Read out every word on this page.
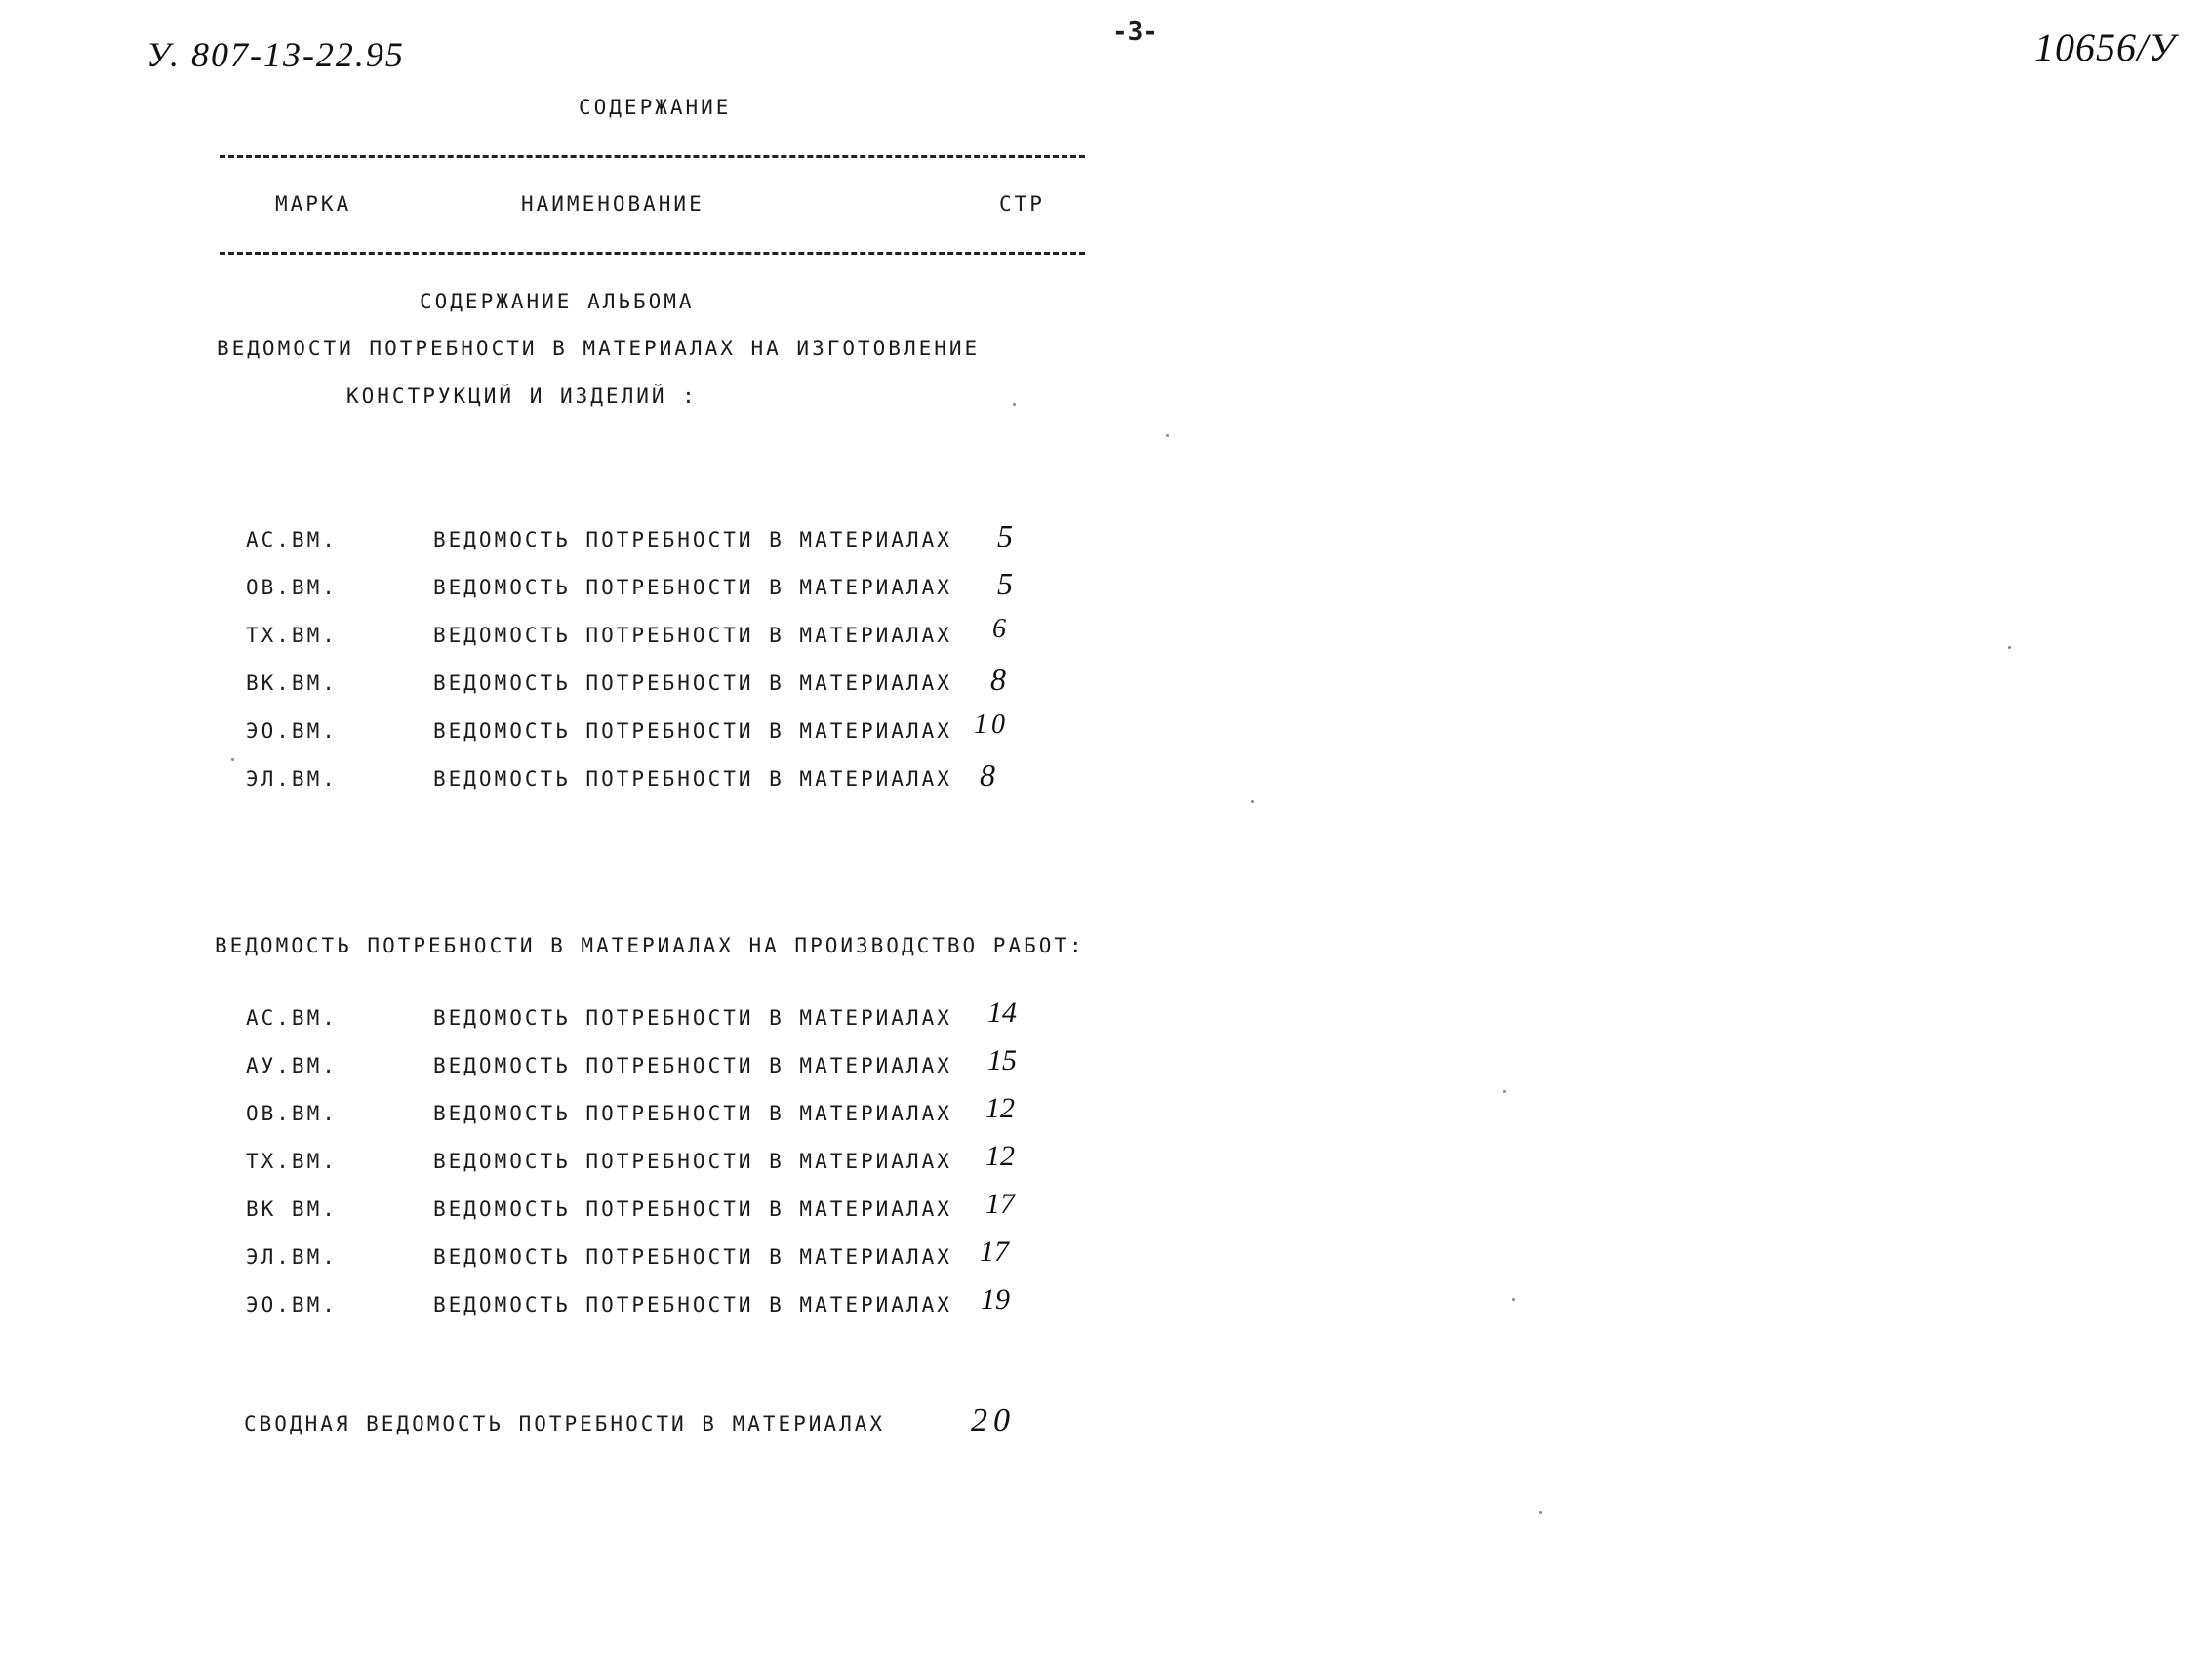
У. 807-13-22.95
-3-	10656/У
СОДЕРЖАНИЕ
МАРКА	НАИМЕНОВАНИЕ	СТР
СОДЕРЖАНИЕ АЛЬБОМА
ВЕДОМОСТИ ПОТРЕБНОСТИ В МАТЕРИАЛАХ НА ИЗГОТОВЛЕНИЕ
КОНСТРУКЦИЙ И ИЗДЕЛИЙ :
АС.ВМ.	ВЕДОМОСТЬ ПОТРЕБНОСТИ В МАТЕРИАЛАХ 5
ОВ.ВМ.	ВЕДОМОСТЬ ПОТРЕБНОСТИ В МАТЕРИАЛАХ 5
ТХ.ВМ.	ВЕДОМОСТЬ ПОТРЕБНОСТИ В МАТЕРИАЛАХ 6
ВК.ВМ.	ВЕДОМОСТЬ ПОТРЕБНОСТИ В МАТЕРИАЛАХ 8
ЭО.ВМ.	ВЕДОМОСТЬ ПОТРЕБНОСТИ В МАТЕРИАЛАХ 10
ЭЛ.ВМ.	ВЕДОМОСТЬ ПОТРЕБНОСТИ В МАТЕРИАЛАХ 8
ВЕДОМОСТЬ ПОТРЕБНОСТИ В МАТЕРИАЛАХ НА ПРОИЗВОДСТВО РАБОТ:
АС.ВМ.	ВЕДОМОСТЬ ПОТРЕБНОСТИ В МАТЕРИАЛАХ 14
АУ.ВМ.	ВЕДОМОСТЬ ПОТРЕБНОСТИ В МАТЕРИАЛАХ 15
ОВ.ВМ.	ВЕДОМОСТЬ ПОТРЕБНОСТИ В МАТЕРИАЛАХ 12
ТХ.ВМ.	ВЕДОМОСТЬ ПОТРЕБНОСТИ В МАТЕРИАЛАХ 12
ВК ВМ.	ВЕДОМОСТЬ ПОТРЕБНОСТИ В МАТЕРИАЛАХ 17
ЭЛ.ВМ.	ВЕДОМОСТЬ ПОТРЕБНОСТИ В МАТЕРИАЛАХ 17
ЭО.ВМ.	ВЕДОМОСТЬ ПОТРЕБНОСТИ В МАТЕРИАЛАХ 19
СВОДНАЯ ВЕДОМОСТЬ ПОТРЕБНОСТИ В МАТЕРИАЛАХ	20
